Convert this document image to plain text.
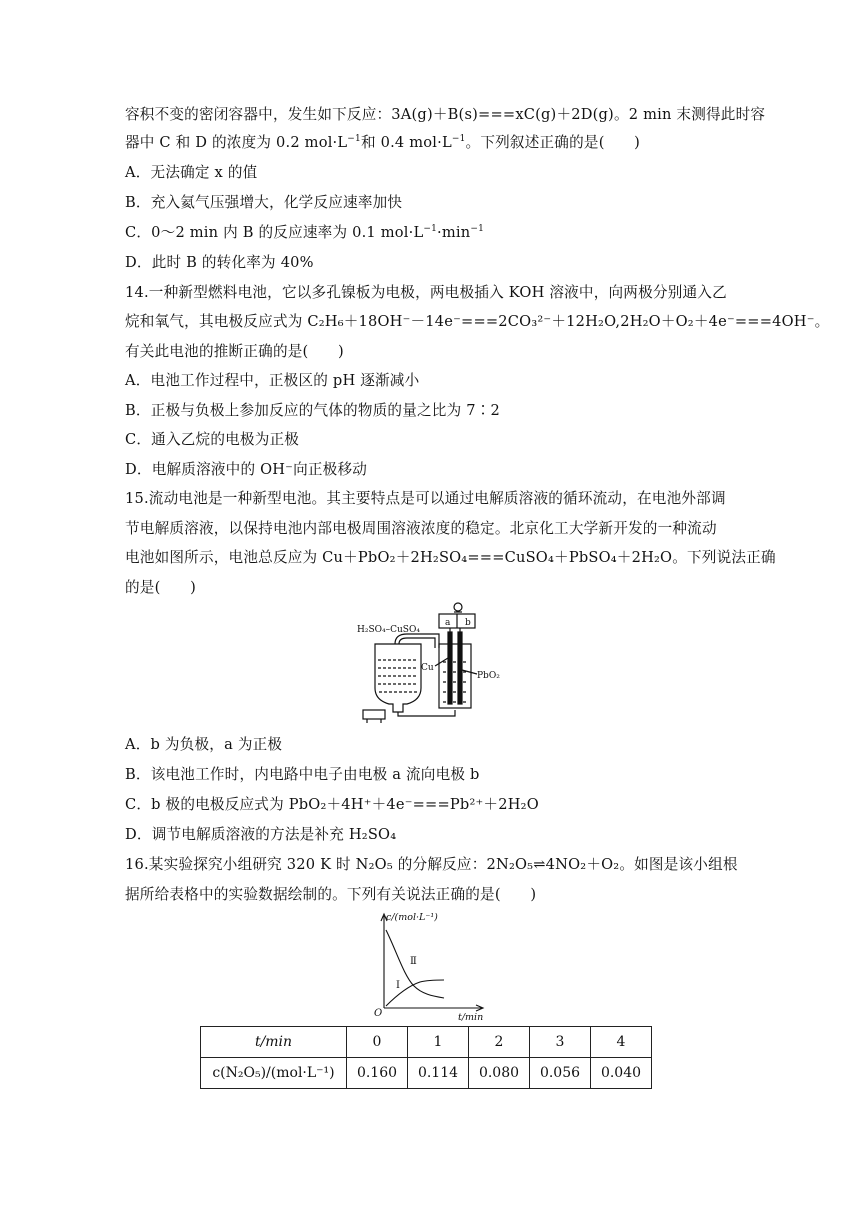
容积不变的密闭容器中，发生如下反应：3A(g)＋B(s)===xC(g)＋2D(g)。2 min 末测得此时容
器中 C 和 D 的浓度为 0.2 $mol\cdot L^{-1}$和 0.4 $mol\cdot L^{-1}$。下列叙述正确的是(　　)
A．无法确定 x 的值
B．充入氦气压强增大，化学反应速率加快
C．0～2 min 内 B 的反应速率为 0.1 $mol\cdot L^{-1}\cdot\min^{-1}$
D．此时 B 的转化率为 40%
14.一种新型燃料电池，它以多孔镍板为电极，两电极插入 KOH 溶液中，向两极分别通入乙
烷和氧气，其电极反应式为 C₂H₆＋18OH⁻－14e⁻===2CO₃²⁻＋12H₂O,2H₂O＋O₂＋4e⁻===4OH⁻。
有关此电池的推断正确的是(　　)
A．电池工作过程中，正极区的 pH 逐渐减小
B．正极与负极上参加反应的气体的物质的量之比为 7∶2
C．通入乙烷的电极为正极
D．电解质溶液中的 OH⁻向正极移动
15.流动电池是一种新型电池。其主要特点是可以通过电解质溶液的循环流动，在电池外部调
节电解质溶液，以保持电池内部电极周围溶液浓度的稳定。北京化工大学新开发的一种流动
电池如图所示，电池总反应为 Cu＋PbO₂＋2H₂SO₄===CuSO₄＋PbSO₄＋2H₂O。下列说法正确
的是(　　)
H₂SO₄–CuSO₄
a b
Cu
PbO₂
A．b 为负极，a 为正极
B．该电池工作时，内电路中电子由电极 a 流向电极 b
C．b 极的电极反应式为 PbO₂＋4H⁺＋4e⁻===Pb²⁺＋2H₂O
D．调节电解质溶液的方法是补充 H₂SO₄
16.某实验探究小组研究 320 K 时 N₂O₅ 的分解反应：2N₂O₅⇌4NO₂＋O₂。如图是该小组根
据所给表格中的实验数据绘制的。下列有关说法正确的是(　　)
c/(mol·L⁻¹)
t/min
O
Ⅱ
Ⅰ
t/min	0	1	2	3	4
c(N₂O₅)/(mol·L⁻¹)	0.160	0.114	0.080	0.056	0.040
